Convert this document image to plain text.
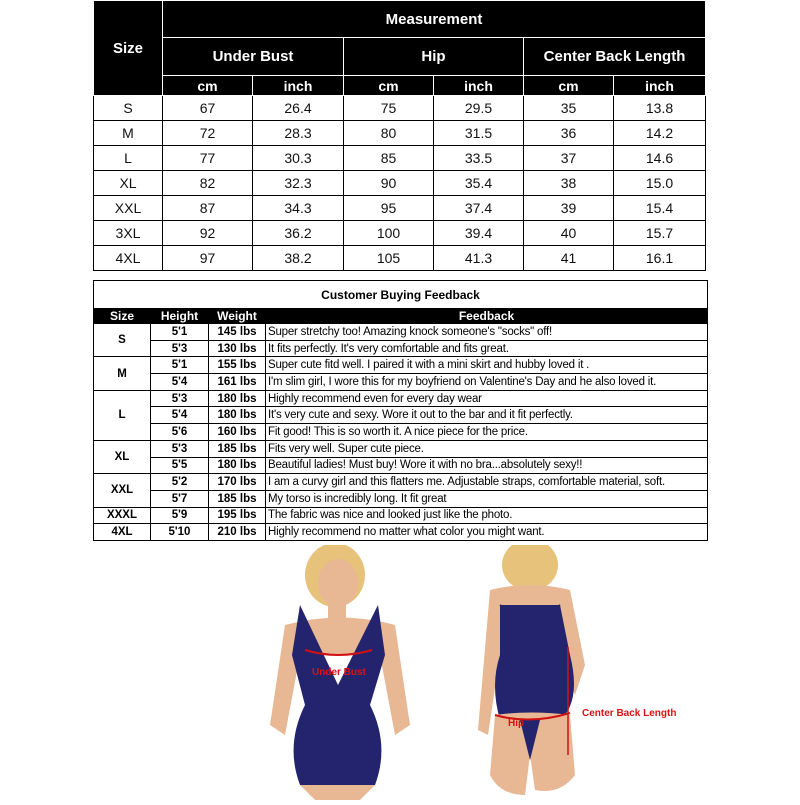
Size	Measurement					
	Under Bust		Hip		Center Back Length	
	cm	inch	cm	inch	cm	inch
S	67	26.4	75	29.5	35	13.8
M	72	28.3	80	31.5	36	14.2
L	77	30.3	85	33.5	37	14.6
XL	82	32.3	90	35.4	38	15.0
XXL	87	34.3	95	37.4	39	15.4
3XL	92	36.2	100	39.4	40	15.7
4XL	97	38.2	105	41.3	41	16.1
Customer Buying Feedback			
Size	Height	Weight	Feedback
S	5'1	145 lbs	Super stretchy too! Amazing knock someone's "socks" off!
	5'3	130 lbs	It fits perfectly. It's very comfortable and fits great.
M	5'1	155 lbs	Super cute fitd well. I paired it with a mini skirt and hubby loved it .
	5'4	161 lbs	I'm slim girl, I wore this for my boyfriend on Valentine's Day and he also loved it.
L	5'3	180 lbs	Highly recommend even for every day wear
	5'4	180 lbs	It's very cute and sexy. Wore it out to the bar and it fit perfectly.
	5'6	160 lbs	Fit good! This is so worth it. A nice piece for the price.
XL	5'3	185 lbs	Fits very well. Super cute piece.
	5'5	180 lbs	Beautiful ladies! Must buy! Wore it with no bra...absolutely sexy!!
XXL	5'2	170 lbs	I am a curvy girl and this flatters me. Adjustable straps, comfortable material, soft.
	5'7	185 lbs	My torso is incredibly long. It fit great
XXXL	5'9	195 lbs	The fabric was nice and looked just like the photo.
4XL	5'10	210 lbs	Highly recommend no matter what color you might want.
Under Bust
Hip
Center Back Length
